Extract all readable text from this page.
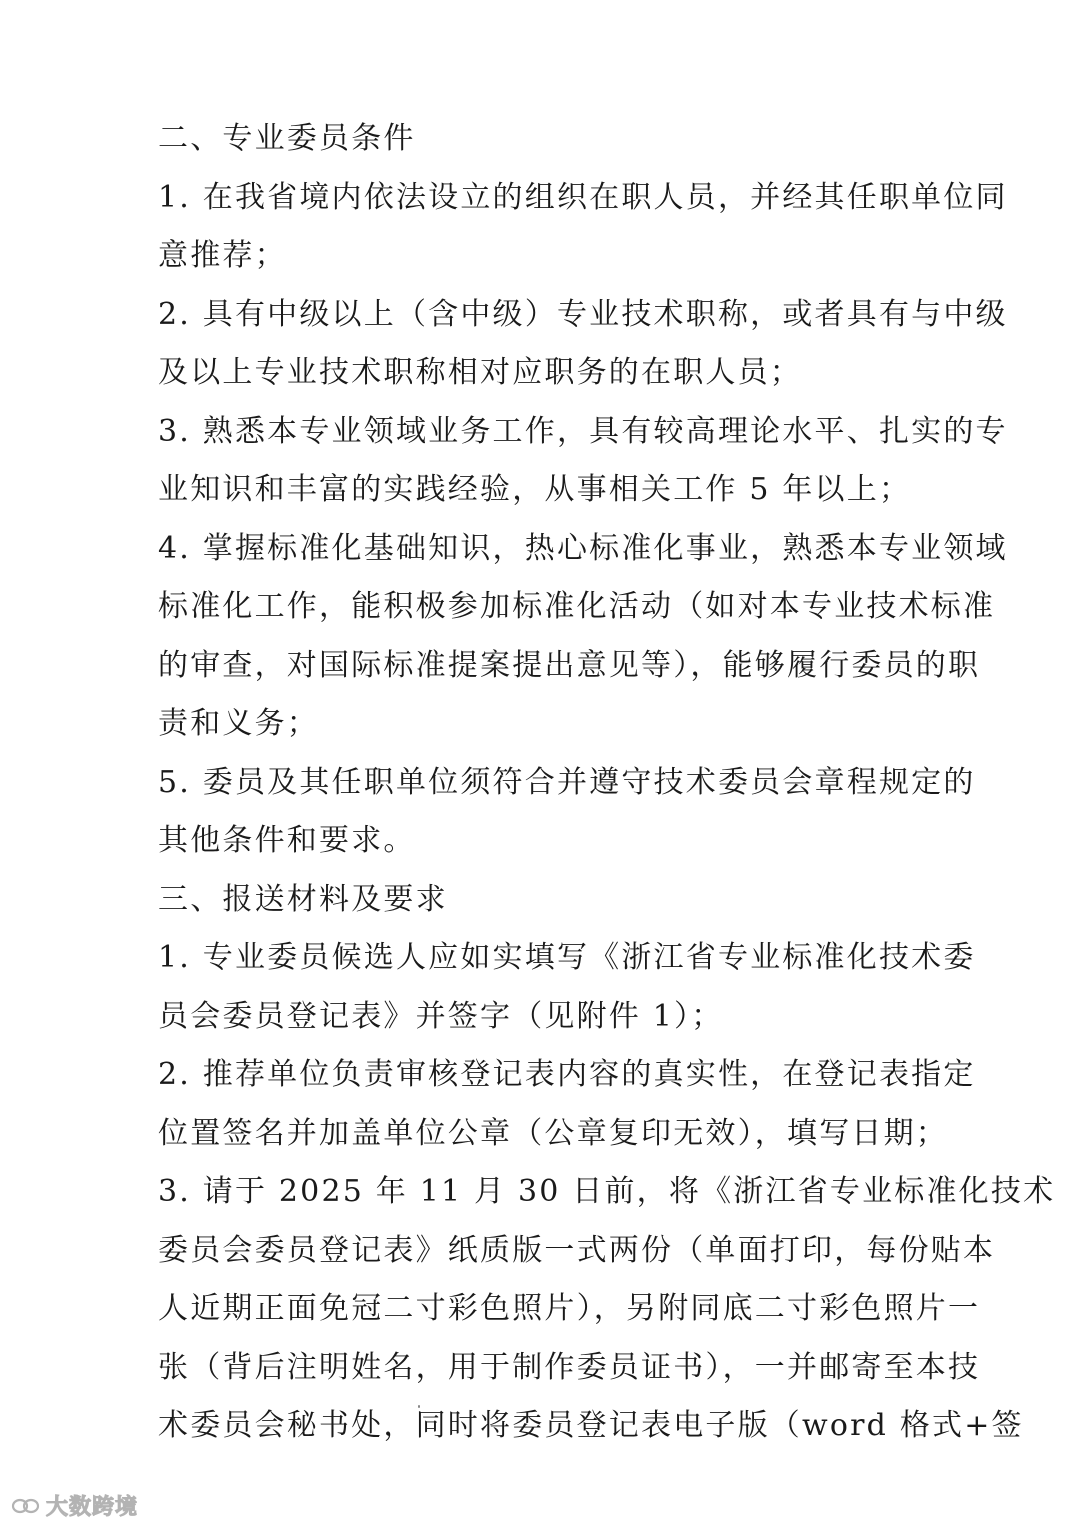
二、专业委员条件
1. 在我省境内依法设立的组织在职人员，并经其任职单位同
意推荐；
2. 具有中级以上（含中级）专业技术职称，或者具有与中级
及以上专业技术职称相对应职务的在职人员；
3. 熟悉本专业领域业务工作，具有较高理论水平、扎实的专
业知识和丰富的实践经验，从事相关工作 5 年以上；
4. 掌握标准化基础知识，热心标准化事业，熟悉本专业领域
标准化工作，能积极参加标准化活动（如对本专业技术标准
的审查，对国际标准提案提出意见等），能够履行委员的职
责和义务；
5. 委员及其任职单位须符合并遵守技术委员会章程规定的
其他条件和要求。
三、报送材料及要求
1. 专业委员候选人应如实填写《浙江省专业标准化技术委
员会委员登记表》并签字（见附件 1）；
2. 推荐单位负责审核登记表内容的真实性，在登记表指定
位置签名并加盖单位公章（公章复印无效），填写日期；
3. 请于 2025 年 11 月 30 日前，将《浙江省专业标准化技术
委员会委员登记表》纸质版一式两份（单面打印，每份贴本
人近期正面免冠二寸彩色照片），另附同底二寸彩色照片一
张（背后注明姓名，用于制作委员证书），一并邮寄至本技
术委员会秘书处，同时将委员登记表电子版（word 格式+签
大数跨境
